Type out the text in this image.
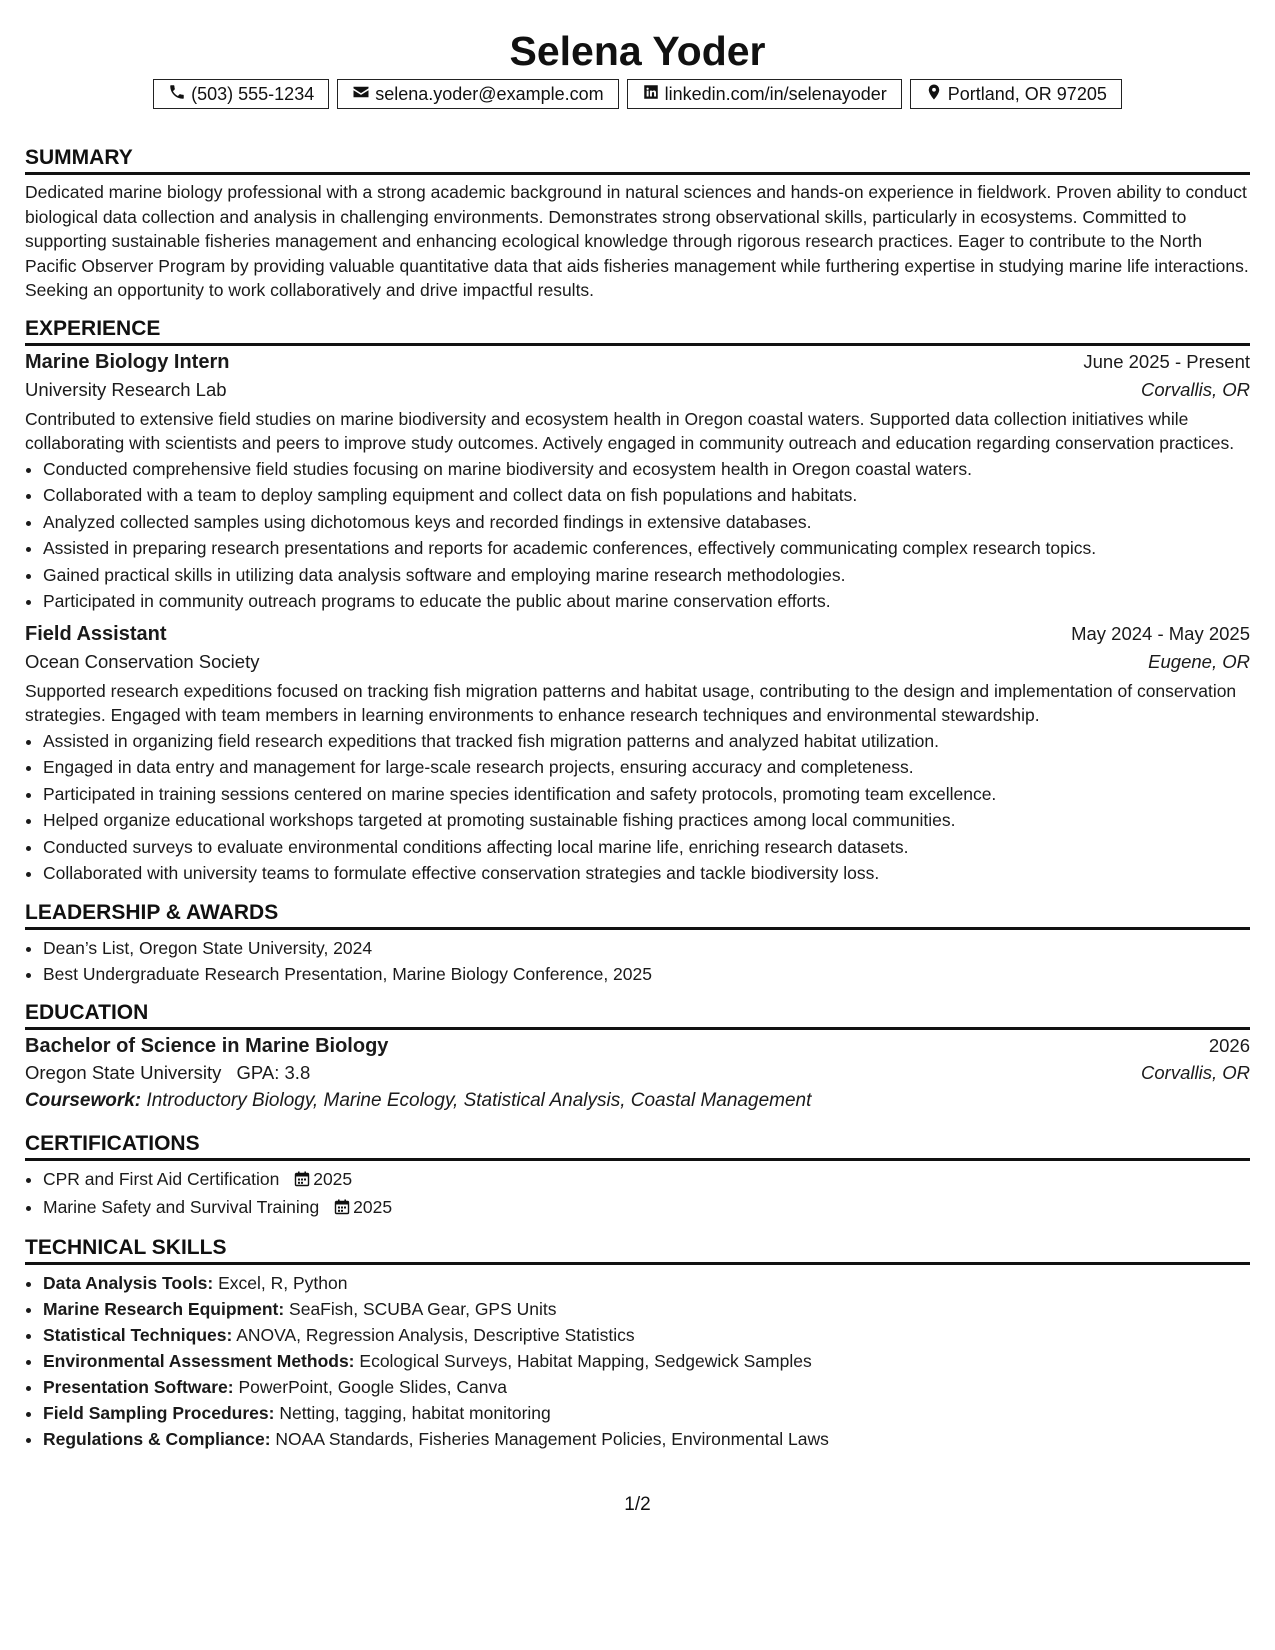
Selena Yoder
(503) 555-1234	selena.yoder@example.com	linkedin.com/in/selenayoder	Portland, OR 97205
SUMMARY

Dedicated marine biology professional with a strong academic background in natural sciences and hands-on experience in fieldwork. Proven ability to conduct biological data collection and analysis in challenging environments. Demonstrates strong observational skills, particularly in ecosystems. Committed to supporting sustainable fisheries management and enhancing ecological knowledge through rigorous research practices. Eager to contribute to the North Pacific Observer Program by providing valuable quantitative data that aids fisheries management while furthering expertise in studying marine life interactions. Seeking an opportunity to work collaboratively and drive impactful results.

EXPERIENCE
Marine Biology Intern	June 2025 - Present
University Research Lab	Corvallis, OR

Contributed to extensive field studies on marine biodiversity and ecosystem health in Oregon coastal waters. Supported data collection initiatives while collaborating with scientists and peers to improve study outcomes. Actively engaged in community outreach and education regarding conservation practices.

• Conducted comprehensive field studies focusing on marine biodiversity and ecosystem health in Oregon coastal waters.
• Collaborated with a team to deploy sampling equipment and collect data on fish populations and habitats.
• Analyzed collected samples using dichotomous keys and recorded findings in extensive databases.
• Assisted in preparing research presentations and reports for academic conferences, effectively communicating complex research topics.
• Gained practical skills in utilizing data analysis software and employing marine research methodologies.
• Participated in community outreach programs to educate the public about marine conservation efforts.
Field Assistant	May 2024 - May 2025
Ocean Conservation Society	Eugene, OR

Supported research expeditions focused on tracking fish migration patterns and habitat usage, contributing to the design and implementation of conservation strategies. Engaged with team members in learning environments to enhance research techniques and environmental stewardship.

• Assisted in organizing field research expeditions that tracked fish migration patterns and analyzed habitat utilization.
• Engaged in data entry and management for large-scale research projects, ensuring accuracy and completeness.
• Participated in training sessions centered on marine species identification and safety protocols, promoting team excellence.
• Helped organize educational workshops targeted at promoting sustainable fishing practices among local communities.
• Conducted surveys to evaluate environmental conditions affecting local marine life, enriching research datasets.
• Collaborated with university teams to formulate effective conservation strategies and tackle biodiversity loss.
LEADERSHIP & AWARDS
• Dean’s List, Oregon State University, 2024
• Best Undergraduate Research Presentation, Marine Biology Conference, 2025
EDUCATION
Bachelor of Science in Marine Biology	2026
Oregon State University GPA: 3.8	Corvallis, OR
Coursework: Introductory Biology, Marine Ecology, Statistical Analysis, Coastal Management
CERTIFICATIONS
• CPR and First Aid Certification 2025
• Marine Safety and Survival Training 2025
TECHNICAL SKILLS
• Data Analysis Tools: Excel, R, Python
• Marine Research Equipment: SeaFish, SCUBA Gear, GPS Units
• Statistical Techniques: ANOVA, Regression Analysis, Descriptive Statistics
• Environmental Assessment Methods: Ecological Surveys, Habitat Mapping, Sedgewick Samples
• Presentation Software: PowerPoint, Google Slides, Canva
• Field Sampling Procedures: Netting, tagging, habitat monitoring
• Regulations & Compliance: NOAA Standards, Fisheries Management Policies, Environmental Laws
1/2
